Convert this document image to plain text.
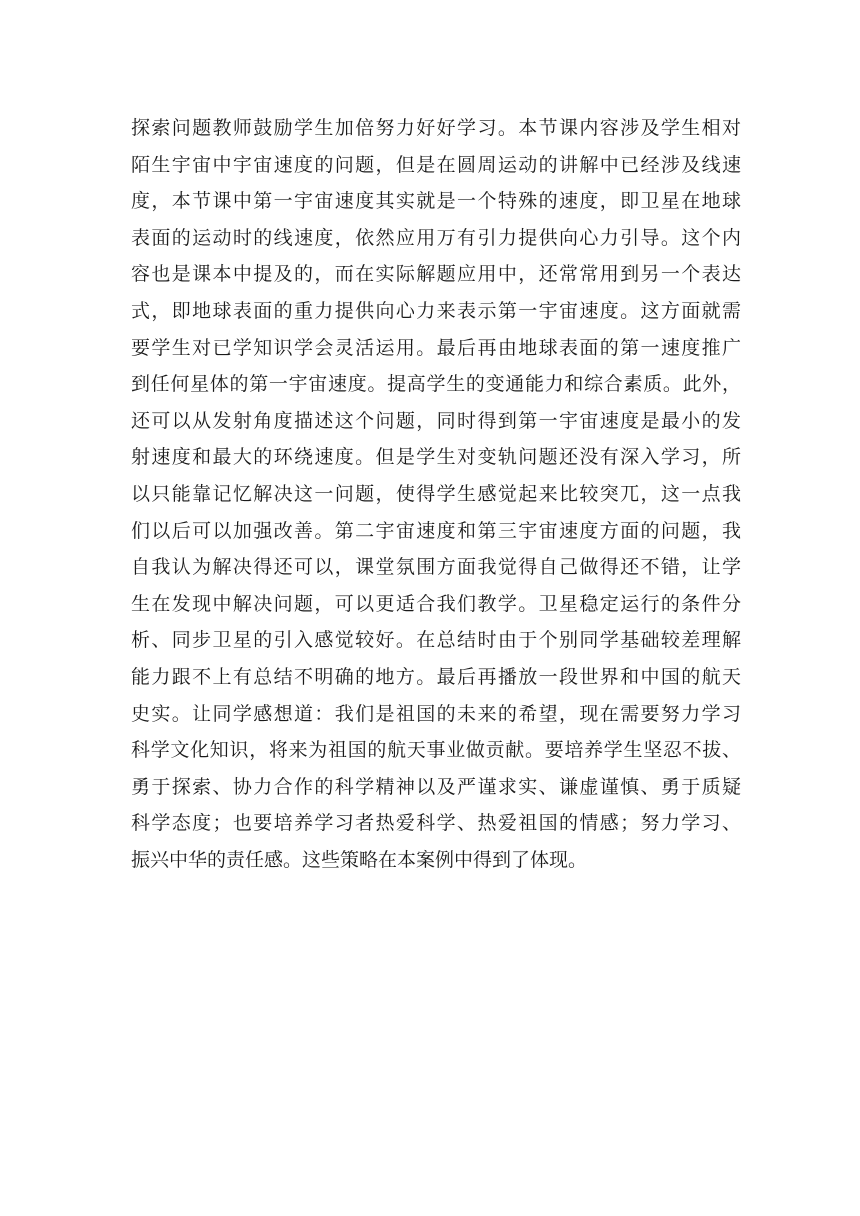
探索问题教师鼓励学生加倍努力好好学习。本节课内容涉及学生相对
陌生宇宙中宇宙速度的问题，但是在圆周运动的讲解中已经涉及线速
度，本节课中第一宇宙速度其实就是一个特殊的速度，即卫星在地球
表面的运动时的线速度，依然应用万有引力提供向心力引导。这个内
容也是课本中提及的，而在实际解题应用中，还常常用到另一个表达
式，即地球表面的重力提供向心力来表示第一宇宙速度。这方面就需
要学生对已学知识学会灵活运用。最后再由地球表面的第一速度推广
到任何星体的第一宇宙速度。提高学生的变通能力和综合素质。此外，
还可以从发射角度描述这个问题，同时得到第一宇宙速度是最小的发
射速度和最大的环绕速度。但是学生对变轨问题还没有深入学习，所
以只能靠记忆解决这一问题，使得学生感觉起来比较突兀，这一点我
们以后可以加强改善。第二宇宙速度和第三宇宙速度方面的问题，我
自我认为解决得还可以，课堂氛围方面我觉得自己做得还不错，让学
生在发现中解决问题，可以更适合我们教学。卫星稳定运行的条件分
析、同步卫星的引入感觉较好。在总结时由于个别同学基础较差理解
能力跟不上有总结不明确的地方。最后再播放一段世界和中国的航天
史实。让同学感想道：我们是祖国的未来的希望，现在需要努力学习
科学文化知识，将来为祖国的航天事业做贡献。要培养学生坚忍不拔、
勇于探索、协力合作的科学精神以及严谨求实、谦虚谨慎、勇于质疑
科学态度；也要培养学习者热爱科学、热爱祖国的情感；努力学习、
振兴中华的责任感。这些策略在本案例中得到了体现。
